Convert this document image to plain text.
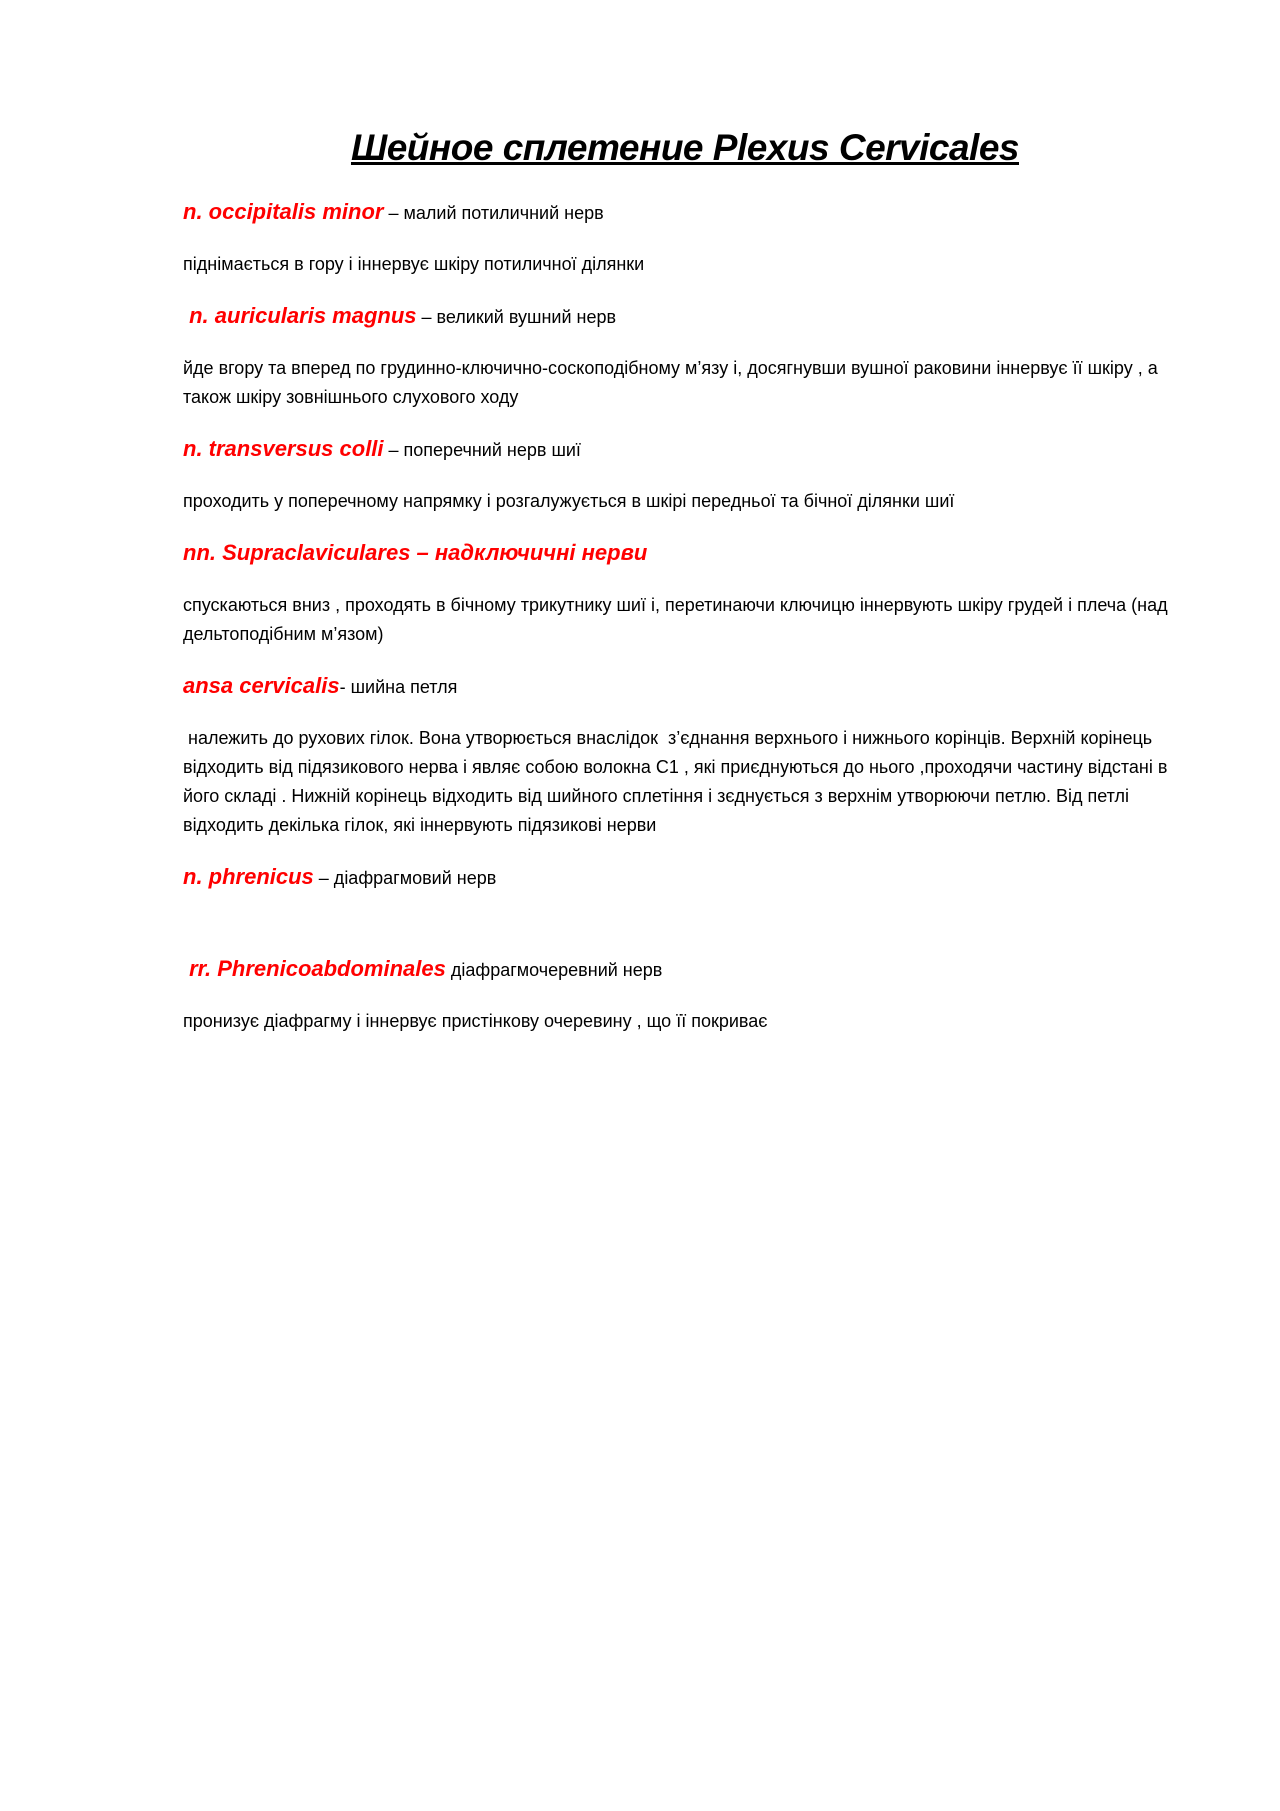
Шейное сплетение Plexus Cervicales

n. occipitalis minor – малий потиличний нерв

піднімається в гору і іннервує шкіру потиличної ділянки

n. auricularis magnus – великий вушний нерв

йде вгору та вперед по грудинно-ключично-соскоподібному м’язу і, досягнувши вушної раковини іннервує її шкіру , а також шкіру зовнішнього слухового ходу

n. transversus colli – поперечний нерв шиї

проходить у поперечному напрямку і розгалужується в шкірі передньої та бічної ділянки шиї

nn. Supraclaviculares – надключичні нерви

спускаються вниз , проходять в бічному трикутнику шиї і, перетинаючи ключицю іннервують шкіру грудей і плеча (над дельтоподібним м’язом)

ansa cervicalis- шийна петля

належить до рухових гілок. Вона утворюється внаслідок  з’єднання верхнього і нижнього корінців. Верхній корінець відходить від підязикового нерва і являє собою волокна С1 , які приєднуються до нього ,проходячи частину відстані в його складі . Нижній корінець відходить від шийного сплетіння і зєднується з верхнім утворюючи петлю. Від петлі відходить декілька гілок, які іннервують підязикові нерви

n. phrenicus – діафрагмовий нерв

rr. Phrenicoabdominales діафрагмочеревний нерв

пронизує діафрагму і іннервує пристінкову очеревину , що її покриває
